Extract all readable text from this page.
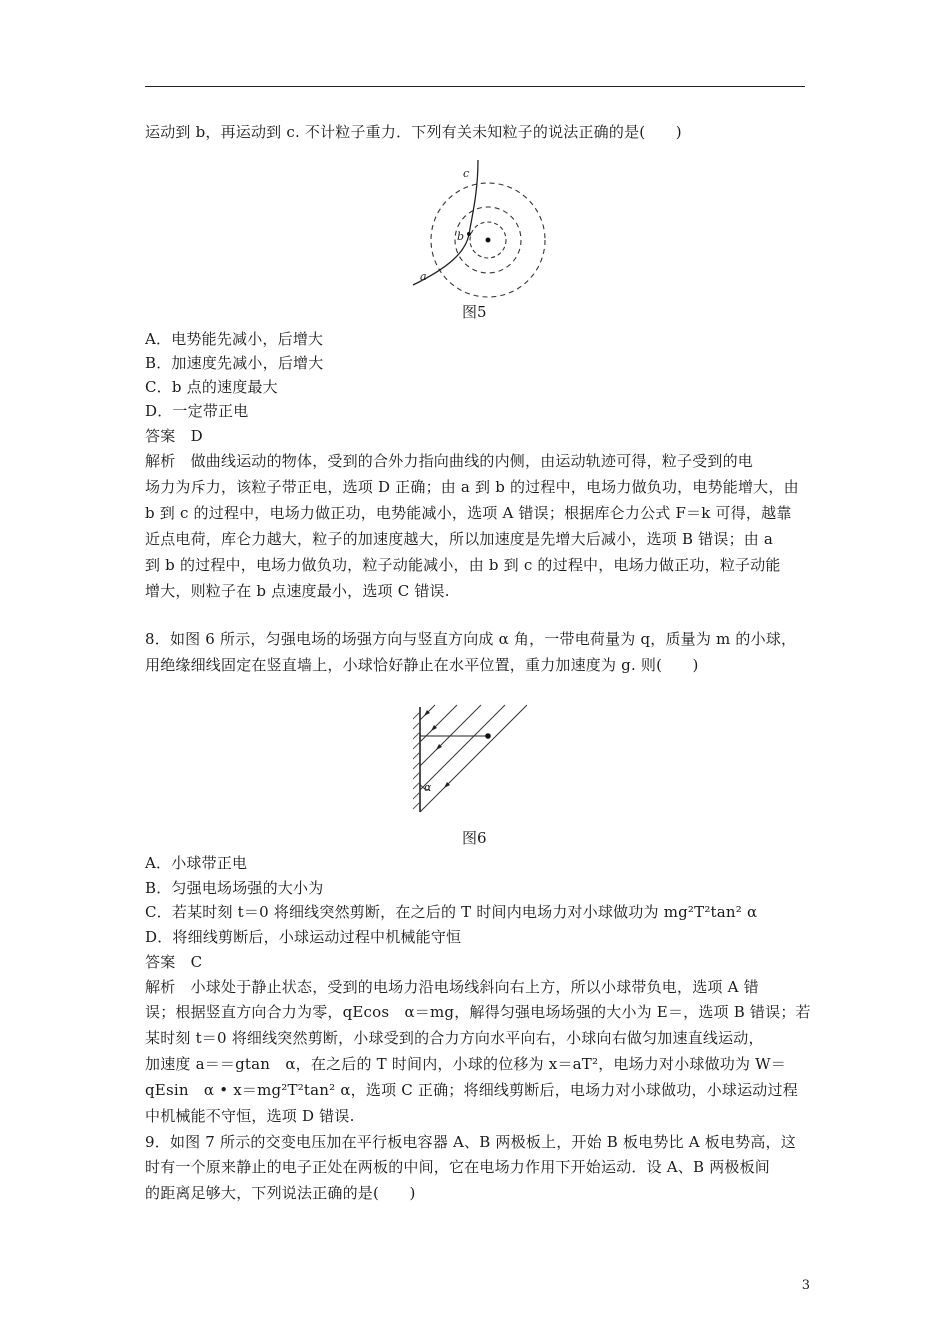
运动到 b，再运动到 c. 不计粒子重力．下列有关未知粒子的说法正确的是(　　)
a
b
c
图5
A．电势能先减小，后增大
B．加速度先减小，后增大
C．b 点的速度最大
D．一定带正电
答案　D
解析　做曲线运动的物体，受到的合外力指向曲线的内侧，由运动轨迹可得，粒子受到的电
场力为斥力，该粒子带正电，选项 D 正确；由 a 到 b 的过程中，电场力做负功，电势能增大，由
b 到 c 的过程中，电场力做正功，电势能减小，选项 A 错误；根据库仑力公式 F＝k 可得，越靠
近点电荷，库仑力越大，粒子的加速度越大，所以加速度是先增大后减小，选项 B 错误；由 a
到 b 的过程中，电场力做负功，粒子动能减小，由 b 到 c 的过程中，电场力做正功，粒子动能
增大，则粒子在 b 点速度最小，选项 C 错误.
8．如图 6 所示，匀强电场的场强方向与竖直方向成 α 角，一带电荷量为 q，质量为 m 的小球，
用绝缘细线固定在竖直墙上，小球恰好静止在水平位置，重力加速度为 g. 则(　　)
α
图6
A．小球带正电
B．匀强电场场强的大小为
C．若某时刻 t＝0 将细线突然剪断，在之后的 T 时间内电场力对小球做功为 mg²T²tan² α
D．将细线剪断后，小球运动过程中机械能守恒
答案　C
解析　小球处于静止状态，受到的电场力沿电场线斜向右上方，所以小球带负电，选项 A 错
误；根据竖直方向合力为零，qEcos　α＝mg，解得匀强电场场强的大小为 E＝，选项 B 错误；若
某时刻 t＝0 将细线突然剪断，小球受到的合力方向水平向右，小球向右做匀加速直线运动，
加速度 a＝＝gtan　α，在之后的 T 时间内，小球的位移为 x＝aT²，电场力对小球做功为 W＝
qEsin　α • x＝mg²T²tan² α，选项 C 正确；将细线剪断后，电场力对小球做功，小球运动过程
中机械能不守恒，选项 D 错误.
9．如图 7 所示的交变电压加在平行板电容器 A、B 两极板上，开始 B 板电势比 A 板电势高，这
时有一个原来静止的电子正处在两板的中间，它在电场力作用下开始运动．设 A、B 两极板间
的距离足够大，下列说法正确的是(　　)
3
